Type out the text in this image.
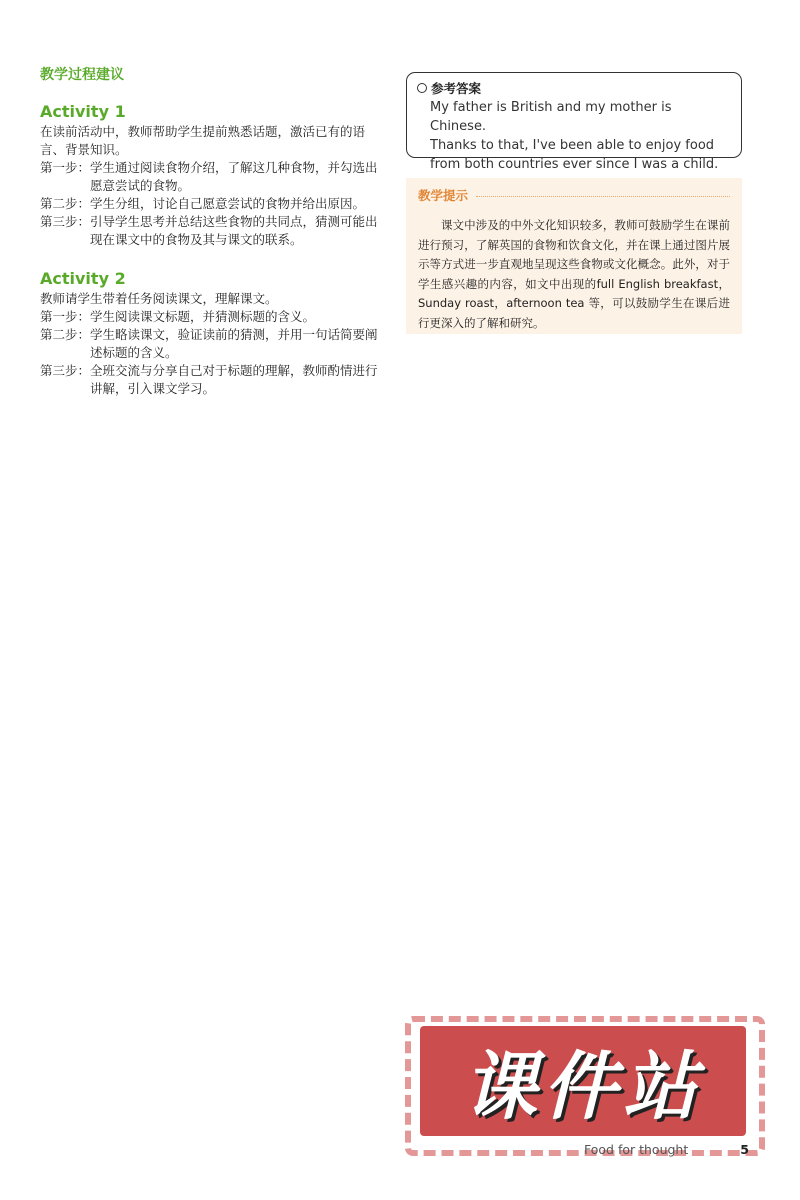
教学过程建议
Activity 1

在读前活动中，教师帮助学生提前熟悉话题，激活已有的语言、背景知识。

第一步： 学生通过阅读食物介绍，了解这几种食物，并勾选出愿意尝试的食物。
第二步： 学生分组，讨论自己愿意尝试的食物并给出原因。
第三步： 引导学生思考并总结这些食物的共同点，猜测可能出现在课文中的食物及其与课文的联系。
Activity 2

教师请学生带着任务阅读课文，理解课文。

第一步： 学生阅读课文标题，并猜测标题的含义。
第二步： 学生略读课文，验证读前的猜测，并用一句话简要阐述标题的含义。
第三步： 全班交流与分享自己对于标题的理解，教师酌情进行讲解，引入课文学习。
参考答案
My father is British and my mother is Chinese.
Thanks to that, I've been able to enjoy food
from both countries ever since I was a child.
教学提示
课文中涉及的中外文化知识较多，教师可鼓励学生在课前进行预习，了解英国的食物和饮食文化，并在课上通过图片展示等方式进一步直观地呈现这些食物或文化概念。此外，对于学生感兴趣的内容，如文中出现的full English breakfast，Sunday roast，afternoon tea 等，可以鼓励学生在课后进行更深入的了解和研究。
课件站
Food for thought	5
